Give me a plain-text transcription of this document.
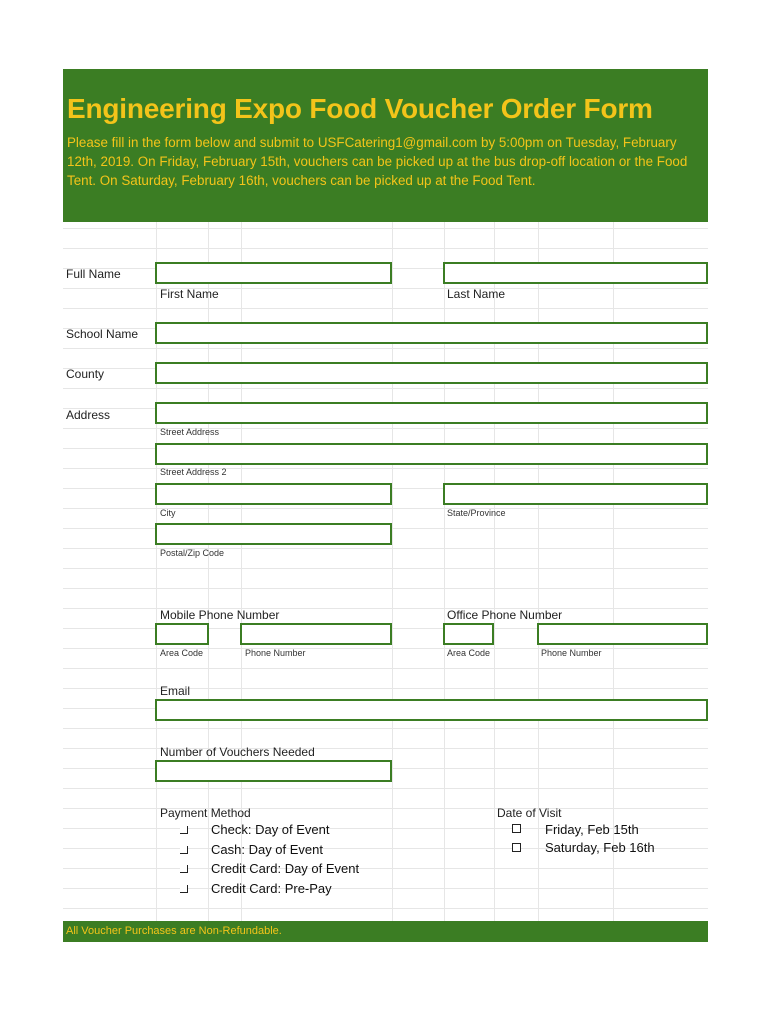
Engineering Expo Food Voucher Order Form
Please fill in the form below and submit to USFCatering1@gmail.com by 5:00pm on Tuesday, February 12th, 2019. On Friday, February 15th, vouchers can be picked up at the bus drop-off location or the Food Tent. On Saturday, February 16th, vouchers can be picked up at the Food Tent.
Full Name
First Name	Last Name
School Name
County
Address
Street Address
Street Address 2
City	State/Province
Postal/Zip Code
Mobile Phone Number	Office Phone Number
Area Code	Phone Number	Area Code	Phone Number
Email
Number of Vouchers Needed
Payment Method
Check: Day of Event
Cash: Day of Event
Credit Card: Day of Event
Credit Card: Pre-Pay
Date of Visit
Friday, Feb 15th
Saturday, Feb 16th
All Voucher Purchases are Non-Refundable.
